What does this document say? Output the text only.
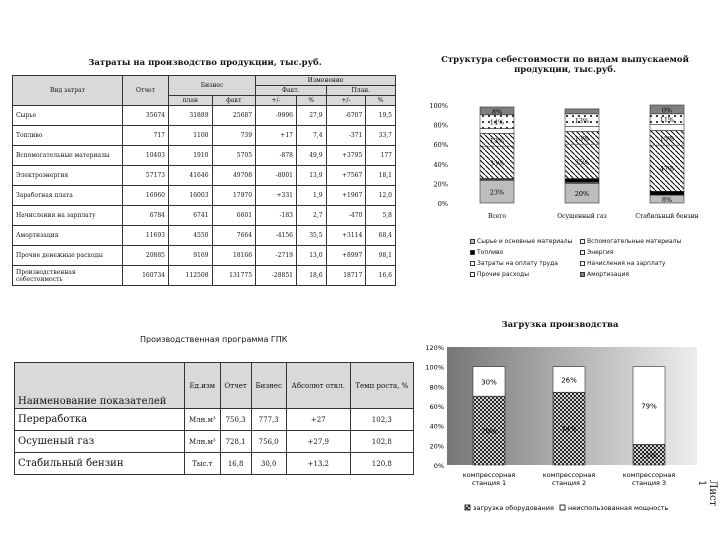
Затраты на производство продукции, тыс.руб.
Вид затрат	Отчет	Бизнес		Изменение			
				Факт.		План.	
		план	факт	+/-	%	+/-	%
Сырье	35674	31889	25687	-9996	27,9	-6707	19,5
Топливо	717	1100	739	+17	7,4	-371	33,7
Вспомогательные материалы	10403	1910	5705	-878	49,9	+3795	177
Электроэнергия	57173	41646	49708	-8001	13,9	+7567	18,1
Заработная плата	16960	16003	17970	+331	1,9	+1967	12,0
Начисления на зарплату	6784	6741	6601	-183	2,7	-470	5,8
Амортизация	11693	4550	7664	-4156	35,5	+3114	68,4
Прочие денежные расходы	20885	9169	18166	-2719	13,0	+8997	98,1
Производственная себестоимость	160734	112508	131775	-28851	18,6	18717	16,6
Структура себестоимости по видам выпускаемой продукции, тыс.руб.
0%
20%
40%
60%
80%
100%
23%
33%
13%
14%
8%
Всего
20%
35%
13%
13%
Осушенный газ
8%
47%
15%
11%
0%
Стабильный бензин
Сырье и основные материалы Вспомогательные материалы
Топливо	Энергия
Затраты на оплату труда	Начисления на зарплату
Прочие расходы	Амортизация
Производственная программа ГПК
Наименование показателей	Ед.изм	Отчет	Бизнес	Абсолют откл.	Темп роста, %
Переработка	Млн.м³	750,3	777,3	+27	102,3
Осушеный газ	Млн.м³	728,1	756,0	+27,9	102,8
Стабильный бензин	Тыс.т	16,8	30,0	+13,2	120,8
Загрузка производства
0%
20%
40%
60%
80%
100%
120%
70%
30%
компрессорная
станция 1
74%
26%
компрессорная
станция 2
21%
79%
компрессорная
станция 3
загрузка оборудования неиспользованная мощность
Лист 1
